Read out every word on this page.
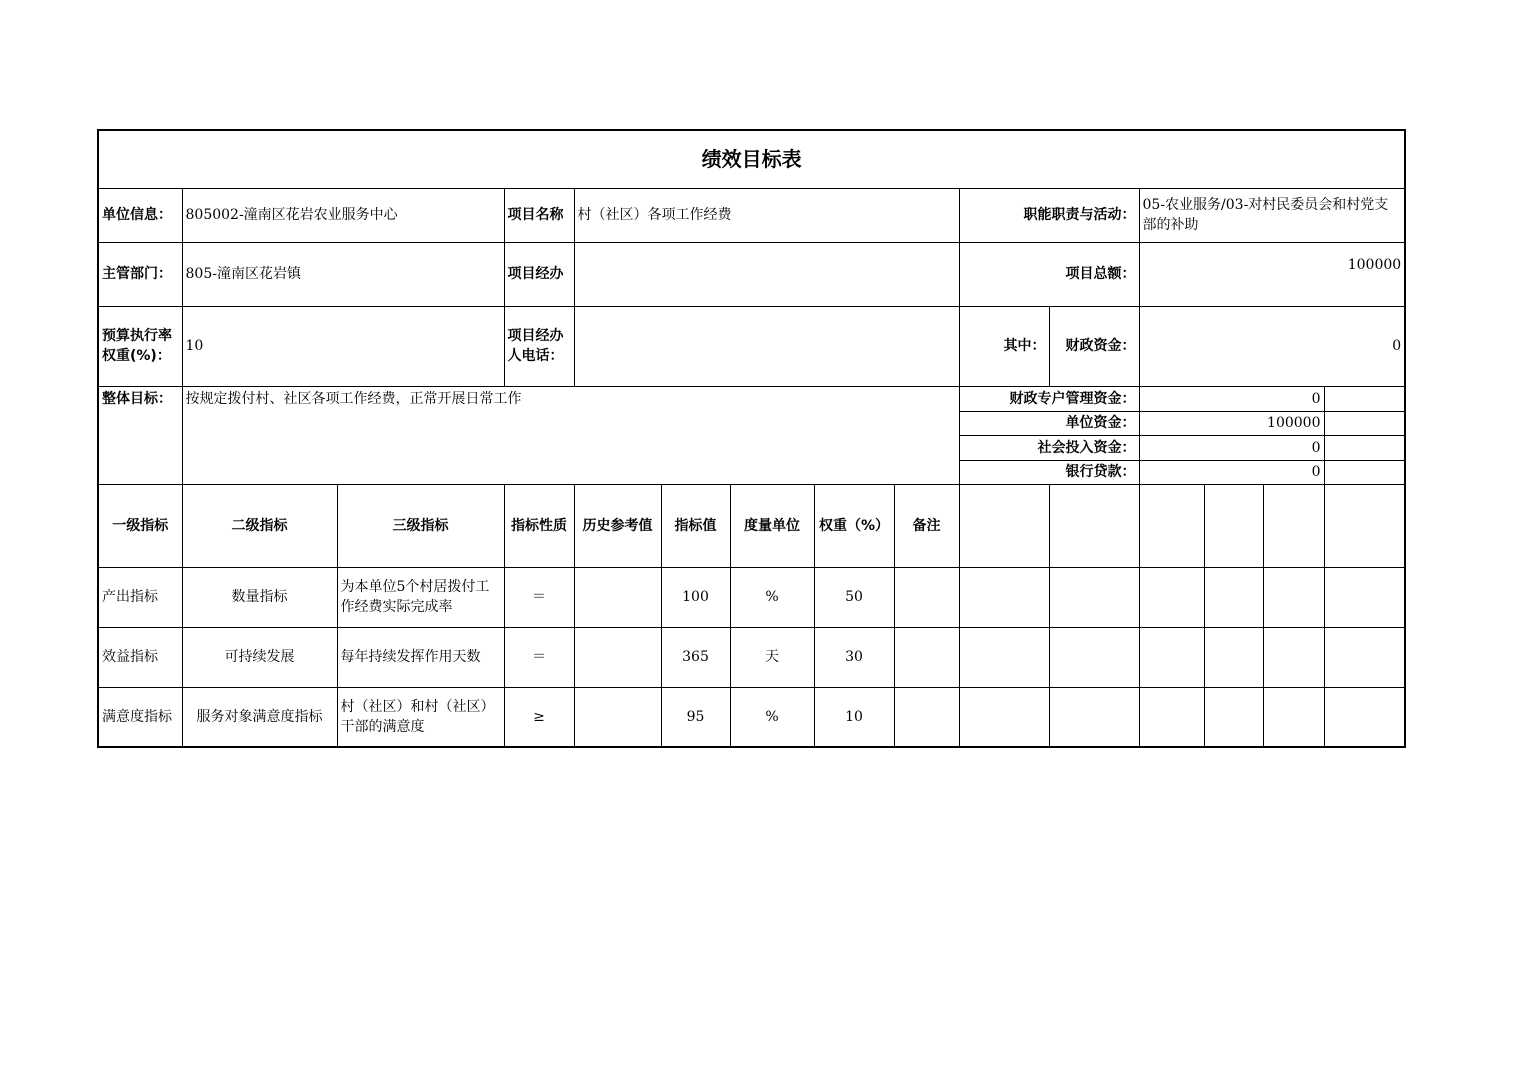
绩效目标表														
单位信息：	805002-潼南区花岩农业服务中心		项目名称	村（社区）各项工作经费					职能职责与活动：		05-农业服务/03-对村民委员会和村党支部的补助			
主管部门：	805-潼南区花岩镇		项目经办						项目总额：		100000			
预算执行率权重(%)：	10		项目经办人电话：						其中：	财政资金：	0			
整体目标：	按规定拨付村、社区各项工作经费，正常开展日常工作								财政专户管理资金：		0			
									单位资金：		100000			
									社会投入资金：		0			
									银行贷款：		0			
一级指标	二级指标	三级指标	指标性质	历史参考值	指标值	度量单位	权重（%）	备注						
产出指标	数量指标	为本单位5个村居拨付工作经费实际完成率	＝		100	%	50							
效益指标	可持续发展	每年持续发挥作用天数	＝		365	天	30							
满意度指标	服务对象满意度指标	村（社区）和村（社区）干部的满意度	≥		95	%	10							
